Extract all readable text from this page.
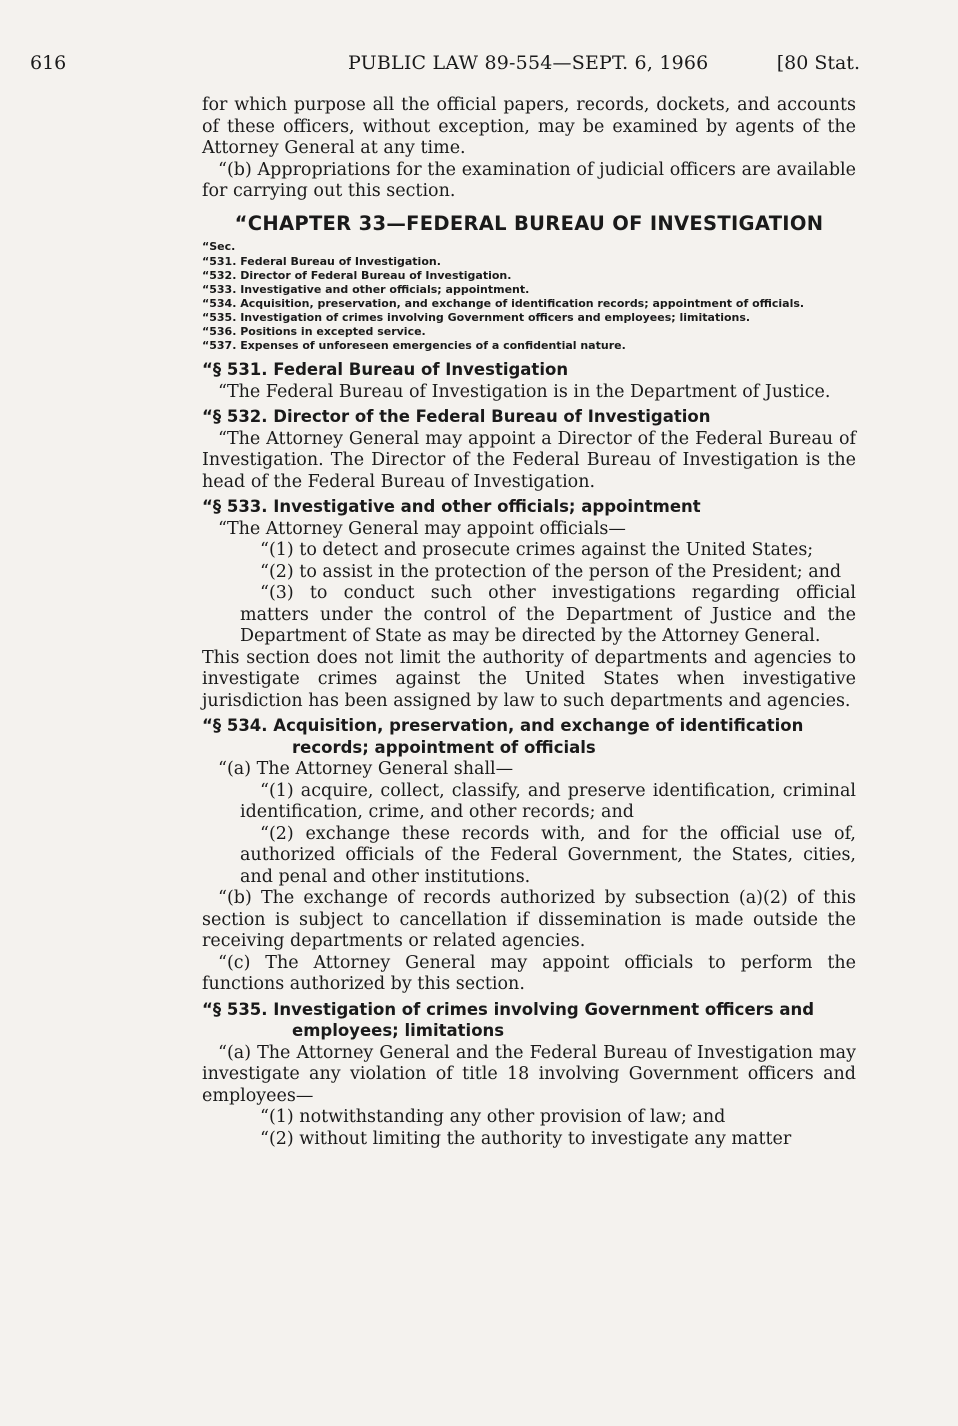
616	PUBLIC LAW 89-554—SEPT. 6, 1966	[80 Stat.

for which purpose all the official papers, records, dockets, and accounts of these officers, without exception, may be examined by agents of the Attorney General at any time.

“(b) Appropriations for the examination of judicial officers are available for carrying out this section.

“CHAPTER 33—FEDERAL BUREAU OF INVESTIGATION
“Sec.
“531. Federal Bureau of Investigation.
“532. Director of Federal Bureau of Investigation.
“533. Investigative and other officials; appointment.
“534. Acquisition, preservation, and exchange of identification records; appointment of officials.
“535. Investigation of crimes involving Government officers and employees; limitations.
“536. Positions in excepted service.
“537. Expenses of unforeseen emergencies of a confidential nature.
“§ 531. Federal Bureau of Investigation

“The Federal Bureau of Investigation is in the Department of Justice.

“§ 532. Director of the Federal Bureau of Investigation

“The Attorney General may appoint a Director of the Federal Bureau of Investigation. The Director of the Federal Bureau of Investigation is the head of the Federal Bureau of Investigation.

“§ 533. Investigative and other officials; appointment

“The Attorney General may appoint officials—

“(1) to detect and prosecute crimes against the United States;

“(2) to assist in the protection of the person of the President; and

“(3) to conduct such other investigations regarding official matters under the control of the Department of Justice and the Department of State as may be directed by the Attorney General.

This section does not limit the authority of departments and agencies to investigate crimes against the United States when investigative jurisdiction has been assigned by law to such departments and agencies.

“§ 534. Acquisition, preservation, and exchange of identification records; appointment of officials

“(a) The Attorney General shall—

“(1) acquire, collect, classify, and preserve identification, criminal identification, crime, and other records; and

“(2) exchange these records with, and for the official use of, authorized officials of the Federal Government, the States, cities, and penal and other institutions.

“(b) The exchange of records authorized by subsection (a)(2) of this section is subject to cancellation if dissemination is made outside the receiving departments or related agencies.

“(c) The Attorney General may appoint officials to perform the functions authorized by this section.

“§ 535. Investigation of crimes involving Government officers and employees; limitations

“(a) The Attorney General and the Federal Bureau of Investigation may investigate any violation of title 18 involving Government officers and employees—

“(1) notwithstanding any other provision of law; and

“(2) without limiting the authority to investigate any matter
